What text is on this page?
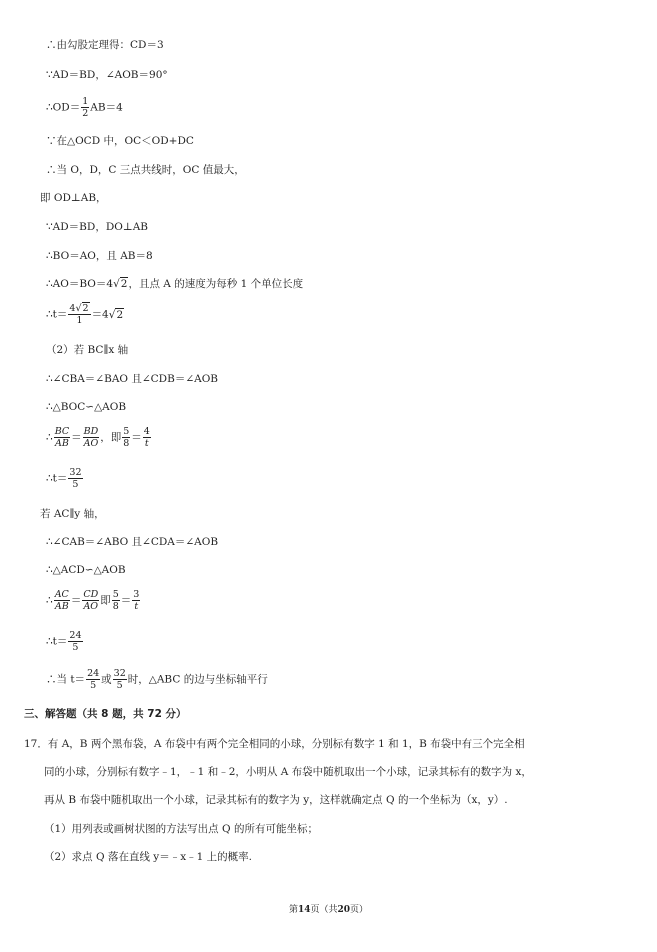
∴由勾股定理得：CD＝3
∵AD＝BD，∠AOB＝90°
∴OD＝ $\frac{1}{2} AB=4$
∵在△OCD 中，OC＜OD+DC
∴当 O，D，C 三点共线时，OC 值最大，
即 OD⊥AB，
∵AD＝BD，DO⊥AB
∴BO＝AO，且 AB＝8
∴AO＝BO＝4√2，且点 A 的速度为每秒 1 个单位长度
∴t＝ $\frac{4√2}{1} =4√2$
（2）若 BC∥x 轴
∴∠CBA＝∠BAO 且∠CDB＝∠AOB
∴△BOC∽△AOB
∴ $\frac{BC}{AB} = \frac{BD}{AO}$ ，即 $\frac{5}{8} = \frac{4}{t}$
∴t＝ $\frac{32}{5}$
若 AC∥y 轴，
∴∠CAB＝∠ABO 且∠CDA＝∠AOB
∴△ACD∽△AOB
∴ $\frac{AC}{AB} = \frac{CD}{AO}$ 即 $\frac{5}{8} = \frac{3}{t}$
∴t＝ $\frac{24}{5}$
∴当 $t= \frac{24}{5}$ 或 $\frac{32}{5}$ 时，△ABC 的边与坐标轴平行
三、解答题（共 8 题，共 72 分）
17．有 A，B 两个黑布袋，A 布袋中有两个完全相同的小球，分别标有数字 1 和 1，B 布袋中有三个完全相
同的小球，分别标有数字﹣1，﹣1 和﹣2，小明从 A 布袋中随机取出一个小球，记录其标有的数字为 x，
再从 B 布袋中随机取出一个小球，记录其标有的数字为 y，这样就确定点 Q 的一个坐标为（x，y）.
（1）用列表或画树状图的方法写出点 Q 的所有可能坐标；
（2）求点 Q 落在直线 y＝﹣x﹣1 上的概率.
第14页（共20页）
